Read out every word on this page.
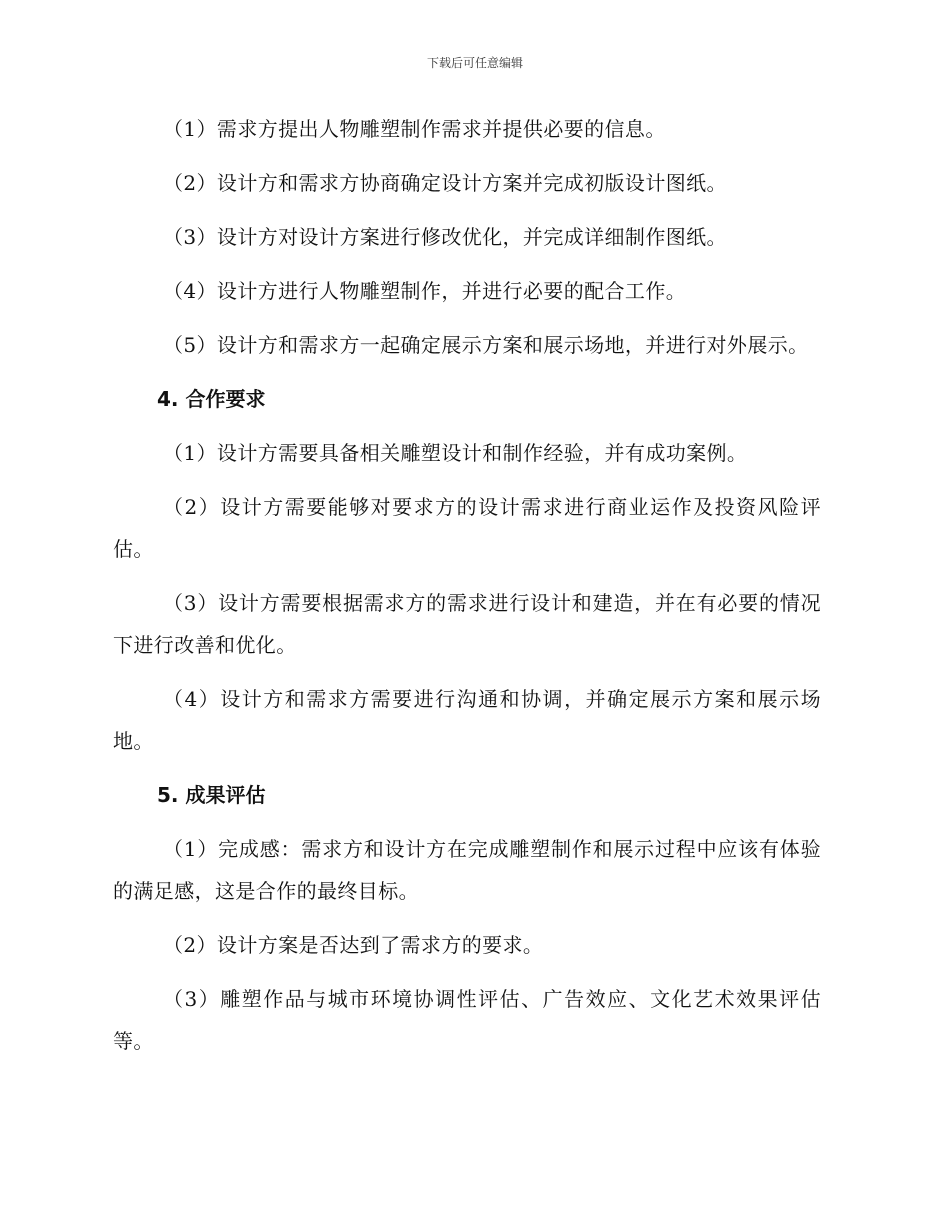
下载后可任意编辑

（1）需求方提出人物雕塑制作需求并提供必要的信息。

（2）设计方和需求方协商确定设计方案并完成初版设计图纸。

（3）设计方对设计方案进行修改优化，并完成详细制作图纸。

（4）设计方进行人物雕塑制作，并进行必要的配合工作。

（5）设计方和需求方一起确定展示方案和展示场地，并进行对外展示。

4. 合作要求

（1）设计方需要具备相关雕塑设计和制作经验，并有成功案例。

（2）设计方需要能够对要求方的设计需求进行商业运作及投资风险评估。

（3）设计方需要根据需求方的需求进行设计和建造，并在有必要的情况下进行改善和优化。

（4）设计方和需求方需要进行沟通和协调，并确定展示方案和展示场地。

5. 成果评估

（1）完成感：需求方和设计方在完成雕塑制作和展示过程中应该有体验的满足感，这是合作的最终目标。

（2）设计方案是否达到了需求方的要求。

（3）雕塑作品与城市环境协调性评估、广告效应、文化艺术效果评估等。
